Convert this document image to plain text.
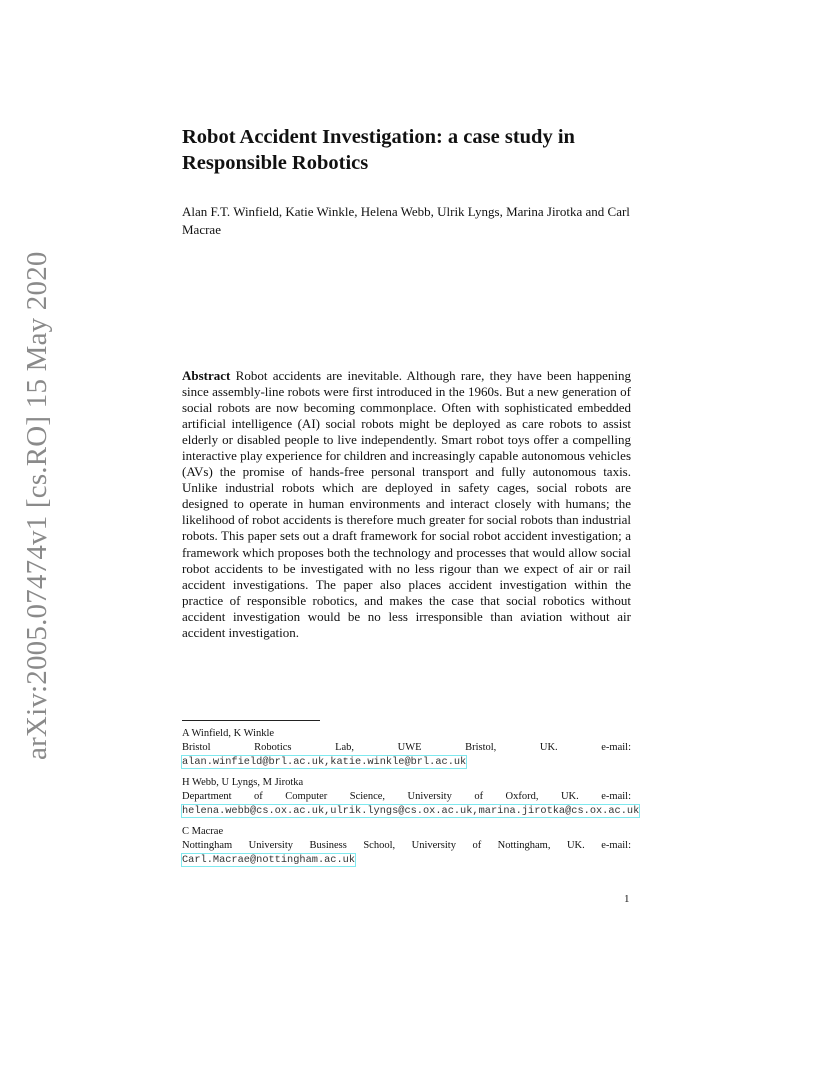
arXiv:2005.07474v1 [cs.RO] 15 May 2020
Robot Accident Investigation: a case study in Responsible Robotics
Alan F.T. Winfield, Katie Winkle, Helena Webb, Ulrik Lyngs, Marina Jirotka and Carl Macrae

Abstract Robot accidents are inevitable. Although rare, they have been happening since assembly-line robots were first introduced in the 1960s. But a new generation of social robots are now becoming commonplace. Often with sophisticated embedded artificial intelligence (AI) social robots might be deployed as care robots to assist elderly or disabled people to live independently. Smart robot toys offer a compelling interactive play experience for children and increasingly capable autonomous vehicles (AVs) the promise of hands-free personal transport and fully autonomous taxis. Unlike industrial robots which are deployed in safety cages, social robots are designed to operate in human environments and interact closely with humans; the likelihood of robot accidents is therefore much greater for social robots than industrial robots. This paper sets out a draft framework for social robot accident investigation; a framework which proposes both the technology and processes that would allow social robot accidents to be investigated with no less rigour than we expect of air or rail accident investigations. The paper also places accident investigation within the practice of responsible robotics, and makes the case that social robotics without accident investigation would be no less irresponsible than aviation without air accident investigation.

A Winfield, K Winkle
Bristol Robotics Lab, UWE Bristol, UK. e-mail: alan.winfield@brl.ac.uk,katie.winkle@brl.ac.uk
H Webb, U Lyngs, M Jirotka
Department of Computer Science, University of Oxford, UK. e-mail: helena.webb@cs.ox.ac.uk,ulrik.lyngs@cs.ox.ac.uk,marina.jirotka@cs.ox.ac.uk
C Macrae
Nottingham University Business School, University of Nottingham, UK. e-mail: Carl.Macrae@nottingham.ac.uk
1
